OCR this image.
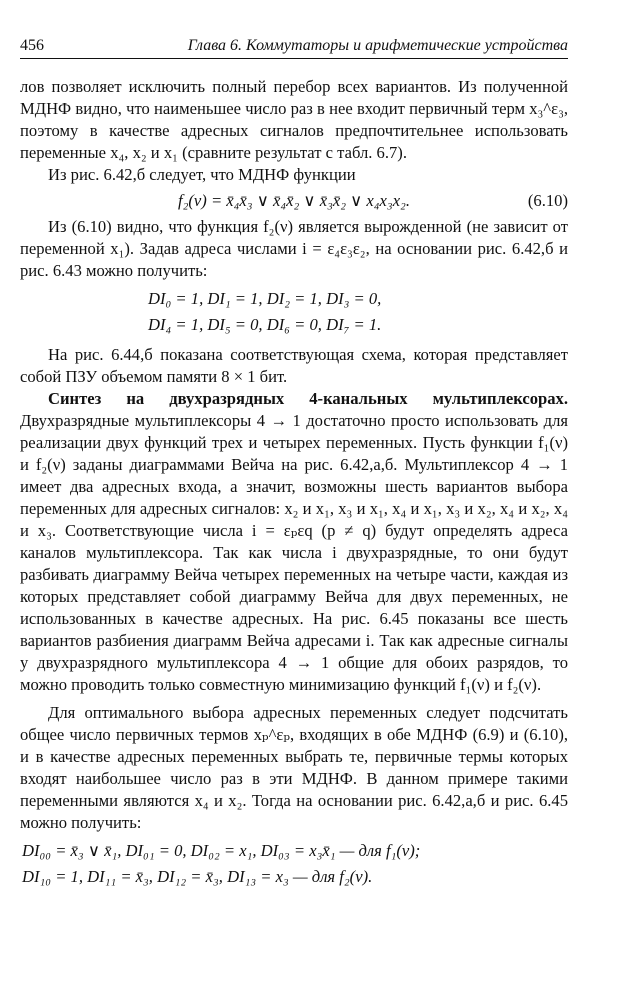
456	Глава 6. Коммутаторы и арифметические устройства

лов позволяет исключить полный перебор всех вариантов. Из полученной МДНФ видно, что наименьшее число раз в нее входит первичный терм x₃^ε₃, поэтому в качестве адресных сигналов предпочтительнее использовать переменные x₄, x₂ и x₁ (сравните результат с табл. 6.7).

Из рис. 6.42,б следует, что МДНФ функции

f₂(ν) = x̄₄x̄₃ ∨ x̄₄x̄₂ ∨ x̄₃x̄₂ ∨ x₄x₃x₂.	(6.10)

Из (6.10) видно, что функция f₂(ν) является вырожденной (не зависит от переменной x₁). Задав адреса числами i = ε₄ε₃ε₂, на основании рис. 6.42,б и рис. 6.43 можно получить:

DI₀ = 1, DI₁ = 1, DI₂ = 1, DI₃ = 0,
DI₄ = 1, DI₅ = 0, DI₆ = 0, DI₇ = 1.

На рис. 6.44,б показана соответствующая схема, которая представляет собой ПЗУ объемом памяти 8 × 1 бит.

Синтез на двухразрядных 4-канальных мультиплексорах. Двухразрядные мультиплексоры 4 → 1 достаточно просто использовать для реализации двух функций трех и четырех переменных. Пусть функции f₁(ν) и f₂(ν) заданы диаграммами Вейча на рис. 6.42,а,б. Мультиплексор 4 → 1 имеет два адресных входа, а значит, возможны шесть вариантов выбора переменных для адресных сигналов: x₂ и x₁, x₃ и x₁, x₄ и x₁, x₃ и x₂, x₄ и x₂, x₄ и x₃. Соответствующие числа i = εₚεq (p ≠ q) будут определять адреса каналов мультиплексора. Так как числа i двухразрядные, то они будут разбивать диаграмму Вейча четырех переменных на четыре части, каждая из которых представляет собой диаграмму Вейча для двух переменных, не использованных в качестве адресных. На рис. 6.45 показаны все шесть вариантов разбиения диаграмм Вейча адресами i. Так как адресные сигналы у двухразрядного мультиплексора 4 → 1 общие для обоих разрядов, то можно проводить только совместную минимизацию функций f₁(ν) и f₂(ν).

Для оптимального выбора адресных переменных следует подсчитать общее число первичных термов xₚ^εₚ, входящих в обе МДНФ (6.9) и (6.10), и в качестве адресных переменных выбрать те, первичные термы которых входят наибольшее число раз в эти МДНФ. В данном примере такими переменными являются x₄ и x₂. Тогда на основании рис. 6.42,а,б и рис. 6.45 можно получить:

DI₀₀ = x̄₃ ∨ x̄₁, DI₀₁ = 0, DI₀₂ = x₁, DI₀₃ = x₃x̄₁ — для f₁(ν);
DI₁₀ = 1, DI₁₁ = x̄₃, DI₁₂ = x̄₃, DI₁₃ = x₃ — для f₂(ν).
